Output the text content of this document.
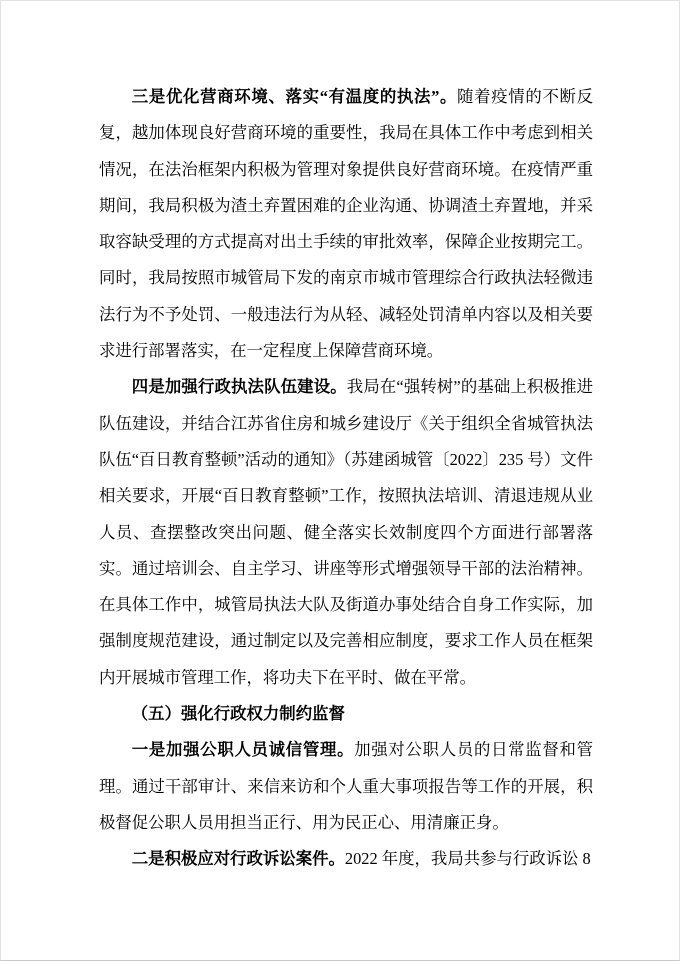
三是优化营商环境、落实“有温度的执法”。随着疫情的不断反复，越加体现良好营商环境的重要性，我局在具体工作中考虑到相关情况，在法治框架内积极为管理对象提供良好营商环境。在疫情严重期间，我局积极为渣土弃置困难的企业沟通、协调渣土弃置地，并采取容缺受理的方式提高对出土手续的审批效率，保障企业按期完工。同时，我局按照市城管局下发的南京市城市管理综合行政执法轻微违法行为不予处罚、一般违法行为从轻、减轻处罚清单内容以及相关要求进行部署落实，在一定程度上保障营商环境。

四是加强行政执法队伍建设。我局在“强转树”的基础上积极推进队伍建设，并结合江苏省住房和城乡建设厅《关于组织全省城管执法队伍“百日教育整顿”活动的通知》（苏建函城管〔2022〕235 号）文件相关要求，开展“百日教育整顿”工作，按照执法培训、清退违规从业人员、查摆整改突出问题、健全落实长效制度四个方面进行部署落实。通过培训会、自主学习、讲座等形式增强领导干部的法治精神。在具体工作中，城管局执法大队及街道办事处结合自身工作实际，加强制度规范建设，通过制定以及完善相应制度，要求工作人员在框架内开展城市管理工作，将功夫下在平时、做在平常。

（五）强化行政权力制约监督

一是加强公职人员诚信管理。加强对公职人员的日常监督和管理。通过干部审计、来信来访和个人重大事项报告等工作的开展，积极督促公职人员用担当正行、用为民正心、用清廉正身。

二是积极应对行政诉讼案件。2022 年度，我局共参与行政诉讼 8
